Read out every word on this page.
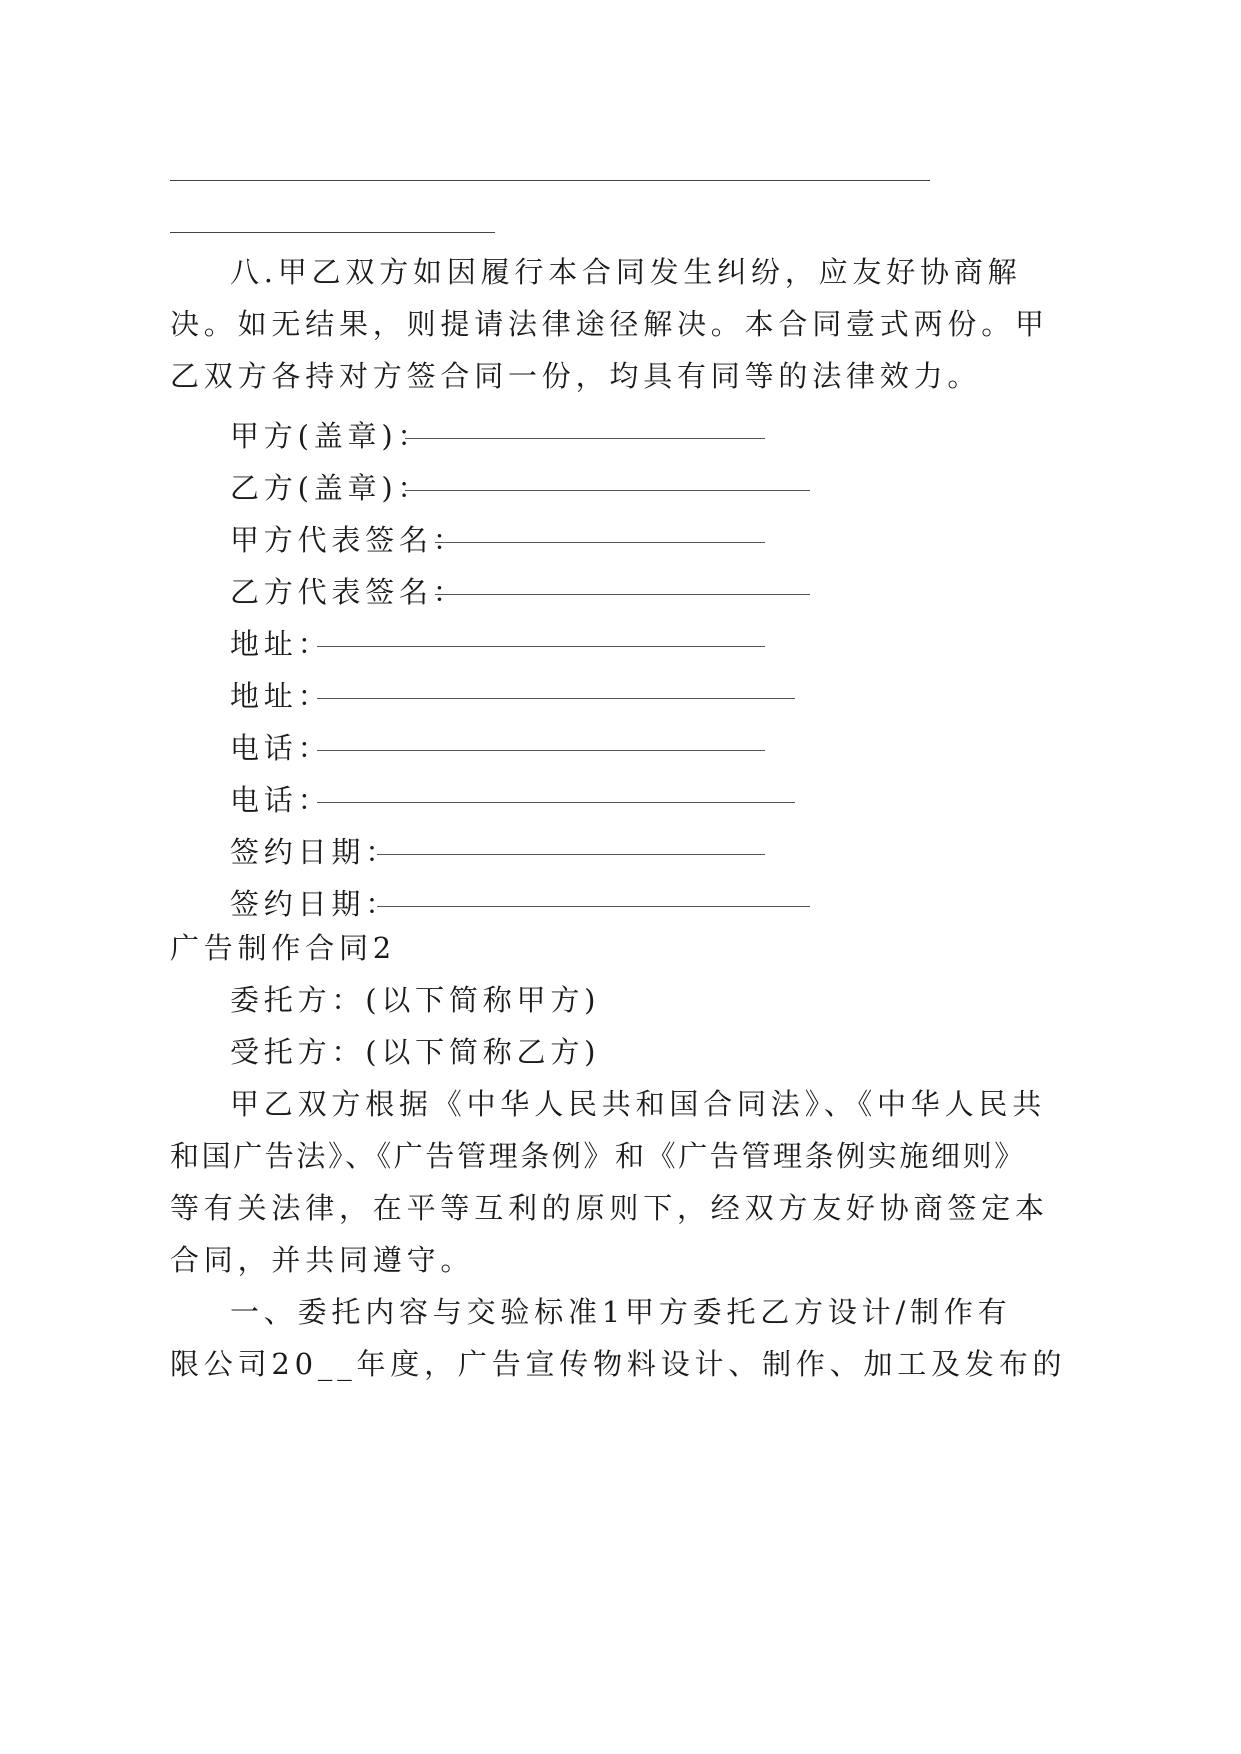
八.甲乙双方如因履行本合同发生纠纷，应友好协商解
决。如无结果，则提请法律途径解决。本合同壹式两份。甲
乙双方各持对方签合同一份，均具有同等的法律效力。
甲方(盖章)：
乙方(盖章)：
甲方代表签名：
乙方代表签名：
地址：
地址：
电话：
电话：
签约日期：
签约日期：
广告制作合同2
委托方：(以下简称甲方)
受托方：(以下简称乙方)
甲乙双方根据《中华人民共和国合同法》、《中华人民共
和国广告法》、《广告管理条例》和《广告管理条例实施细则》
等有关法律，在平等互利的原则下，经双方友好协商签定本
合同，并共同遵守。
一、委托内容与交验标准1甲方委托乙方设计/制作有
限公司20__年度，广告宣传物料设计、制作、加工及发布的
